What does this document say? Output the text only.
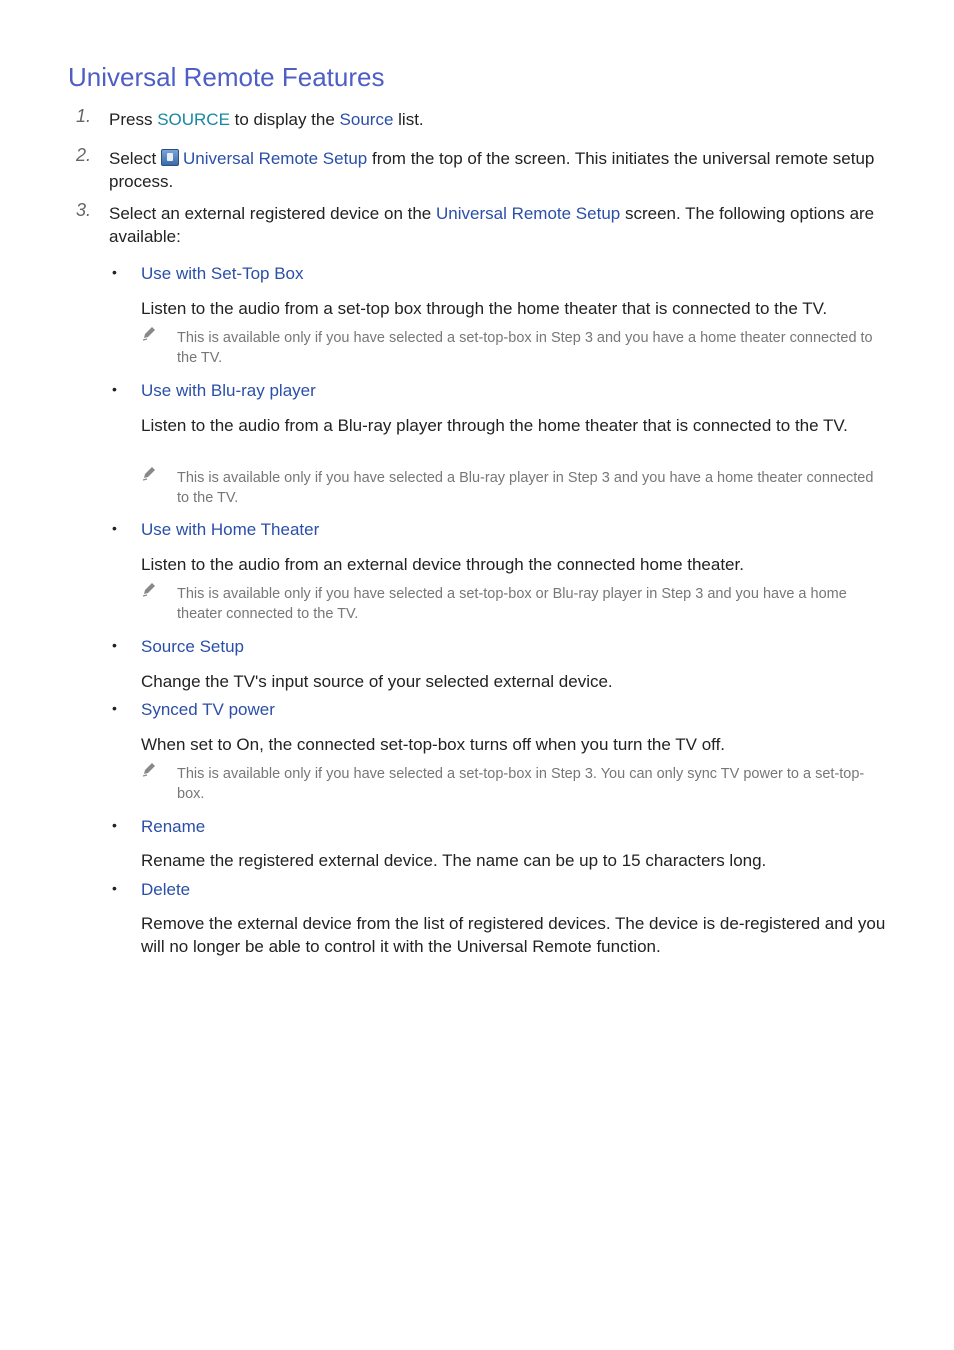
Universal Remote Features
1. Press SOURCE to display the Source list.
2. Select Universal Remote Setup from the top of the screen. This initiates the universal remote setup process.
3. Select an external registered device on the Universal Remote Setup screen. The following options are available:
• Use with Set-Top Box
Listen to the audio from a set-top box through the home theater that is connected to the TV.
This is available only if you have selected a set-top-box in Step 3 and you have a home theater connected to the TV.
• Use with Blu-ray player
Listen to the audio from a Blu-ray player through the home theater that is connected to the TV.
This is available only if you have selected a Blu-ray player in Step 3 and you have a home theater connected to the TV.
• Use with Home Theater
Listen to the audio from an external device through the connected home theater.
This is available only if you have selected a set-top-box or Blu-ray player in Step 3 and you have a home theater connected to the TV.
• Source Setup
Change the TV's input source of your selected external device.
• Synced TV power
When set to On, the connected set-top-box turns off when you turn the TV off.
This is available only if you have selected a set-top-box in Step 3. You can only sync TV power to a set-top-box.
• Rename
Rename the registered external device. The name can be up to 15 characters long.
• Delete
Remove the external device from the list of registered devices. The device is de-registered and you will no longer be able to control it with the Universal Remote function.
